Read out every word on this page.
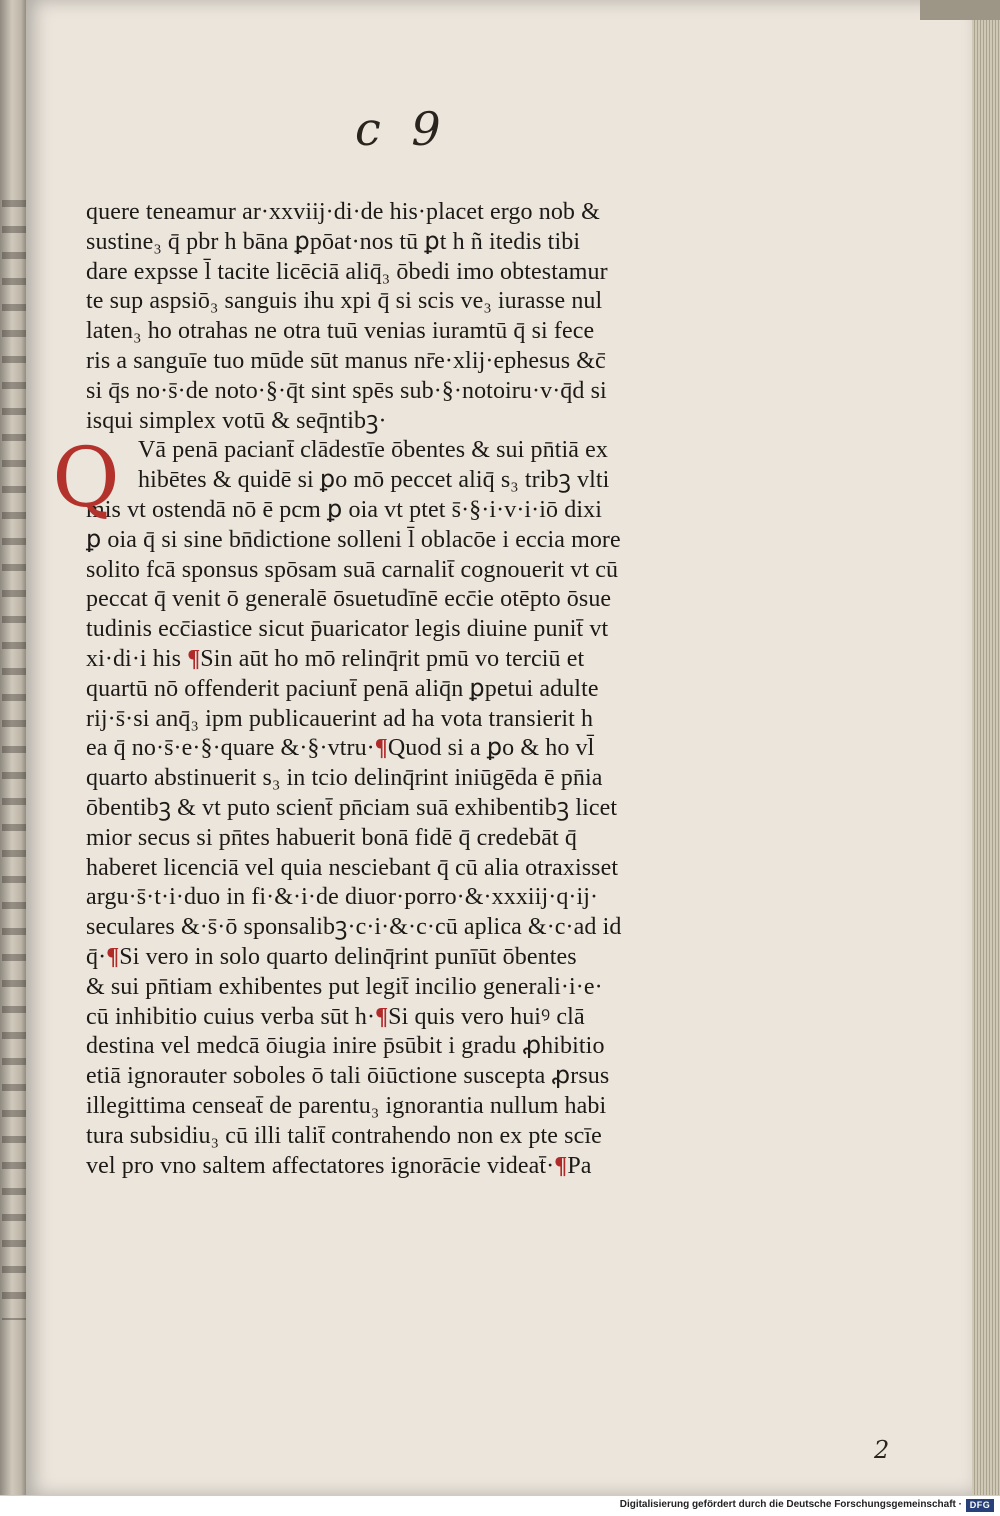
c 9
Q
quere teneamur ar·xxviij·di·de his·placet ergo nob &
sustine₃ q̄ pbr h bāna ꝑpōat·nos tū ꝑt h ñ itedis tibi
dare expsse l̄ tacite licēciā aliq̄₃ ōbedi imo obtestamur
te sup aspsiō₃ sanguis ihu xpi q̄ si scis ve₃ iurasse nul
laten₃ ho otrahas ne otra tuū venias iuramtū q̄ si fece
ris a sanguīe tuo mūde sūt manus nr̄e·xlij·ephesus &c̄
si q̄s no·s̄·de noto·§·q̄t sint spēs sub·§·notoiru·v·q̄d si
isqui simplex votū & seq̄ntibꝫ·
Vā penā paciant̄ clādestīe ōbentes & sui pn̄tiā ex
hibētes & quidē si ꝑo mō peccet aliq̄ s₃ tribꝫ vlti
mis vt ostendā nō ē pcm ꝑ oia vt ptet s̄·§·i·v·i·iō dixi
ꝑ oia q̄ si sine bn̄dictione solleni l̄ oblacōe i eccia more
solito fcā sponsus spōsam suā carnalit̄ cognouerit vt cū
peccat q̄ venit ō generalē ōsuetudīnē ecc̄ie otēpto ōsue
tudinis ecc̄iastice sicut p̄uaricator legis diuine punit̄ vt
xi·di·i his ¶Sin aūt ho mō relinq̄rit pmū vo terciū et
quartū nō offenderit paciunt̄ penā aliq̄n ꝑpetui adulte
rij·s̄·si anq̄₃ ipm publicauerint ad ha vota transierit h
ea q̄ no·s̄·e·§·quare &·§·vtru·¶Quod si a ꝑo & ho vl̄
quarto abstinuerit s₃ in tcio delinq̄rint iniūgēda ē pn̄ia
ōbentibꝫ & vt puto scient̄ pn̄ciam suā exhibentibꝫ licet
mior secus si pn̄tes habuerit bonā fidē q̄ credebāt q̄
haberet licenciā vel quia nesciebant q̄ cū alia otraxisset
argu·s̄·t·i·duo in fi·&·i·de diuor·porro·&·xxxiij·q·ij·
seculares &·s̄·ō sponsalibꝫ·c·i·&·c·cū aplica &·c·ad id
q̄·¶Si vero in solo quarto delinq̄rint punīūt ōbentes
& sui pn̄tiam exhibentes put legit̄ incilio generali·i·e·
cū inhibitio cuius verba sūt h·¶Si quis vero huiꝰ clā
destina vel medcā ōiugia inire p̄sūbit i gradu ꝓhibitio
etiā ignorauter soboles ō tali ōiūctione suscepta ꝓrsus
illegittima censeat̄ de parentu₃ ignorantia nullum habi
tura subsidiu₃ cū illi talit̄ contrahendo non ex pte scīe
vel pro vno saltem affectatores ignorācie videat̄·¶Pa
2
Digitalisierung gefördert durch die Deutsche Forschungsgemeinschaft · DFG
